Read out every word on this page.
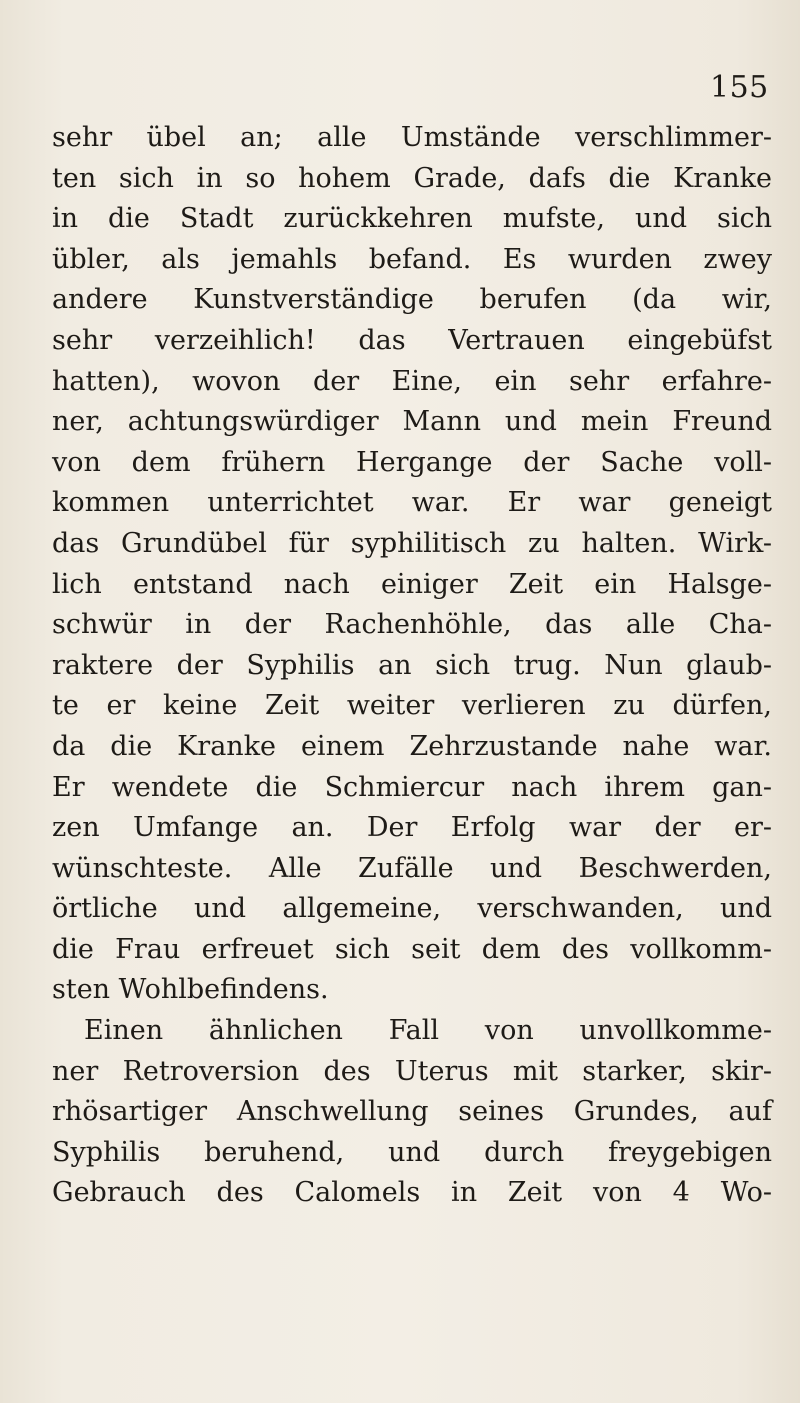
155
sehr übel an; alle Umstände verschlimmer-
ten sich in so hohem Grade, dafs die Kranke
in die Stadt zurückkehren mufste, und sich
übler, als jemahls befand. Es wurden zwey
andere Kunstverständige berufen (da wir,
sehr verzeihlich! das Vertrauen eingebüfst
hatten), wovon der Eine, ein sehr erfahre-
ner, achtungswürdiger Mann und mein Freund
von dem frühern Hergange der Sache voll-
kommen unterrichtet war. Er war geneigt
das Grundübel für syphilitisch zu halten. Wirk-
lich entstand nach einiger Zeit ein Halsge-
schwür in der Rachenhöhle, das alle Cha-
raktere der Syphilis an sich trug. Nun glaub-
te er keine Zeit weiter verlieren zu dürfen,
da die Kranke einem Zehrzustande nahe war.
Er wendete die Schmiercur nach ihrem gan-
zen Umfange an. Der Erfolg war der er-
wünschteste. Alle Zufälle und Beschwerden,
örtliche und allgemeine, verschwanden, und
die Frau erfreuet sich seit dem des vollkomm-
sten Wohlbefindens.
Einen ähnlichen Fall von unvollkomme-
ner Retroversion des Uterus mit starker, skir-
rhösartiger Anschwellung seines Grundes, auf
Syphilis beruhend, und durch freygebigen
Gebrauch des Calomels in Zeit von 4 Wo-
